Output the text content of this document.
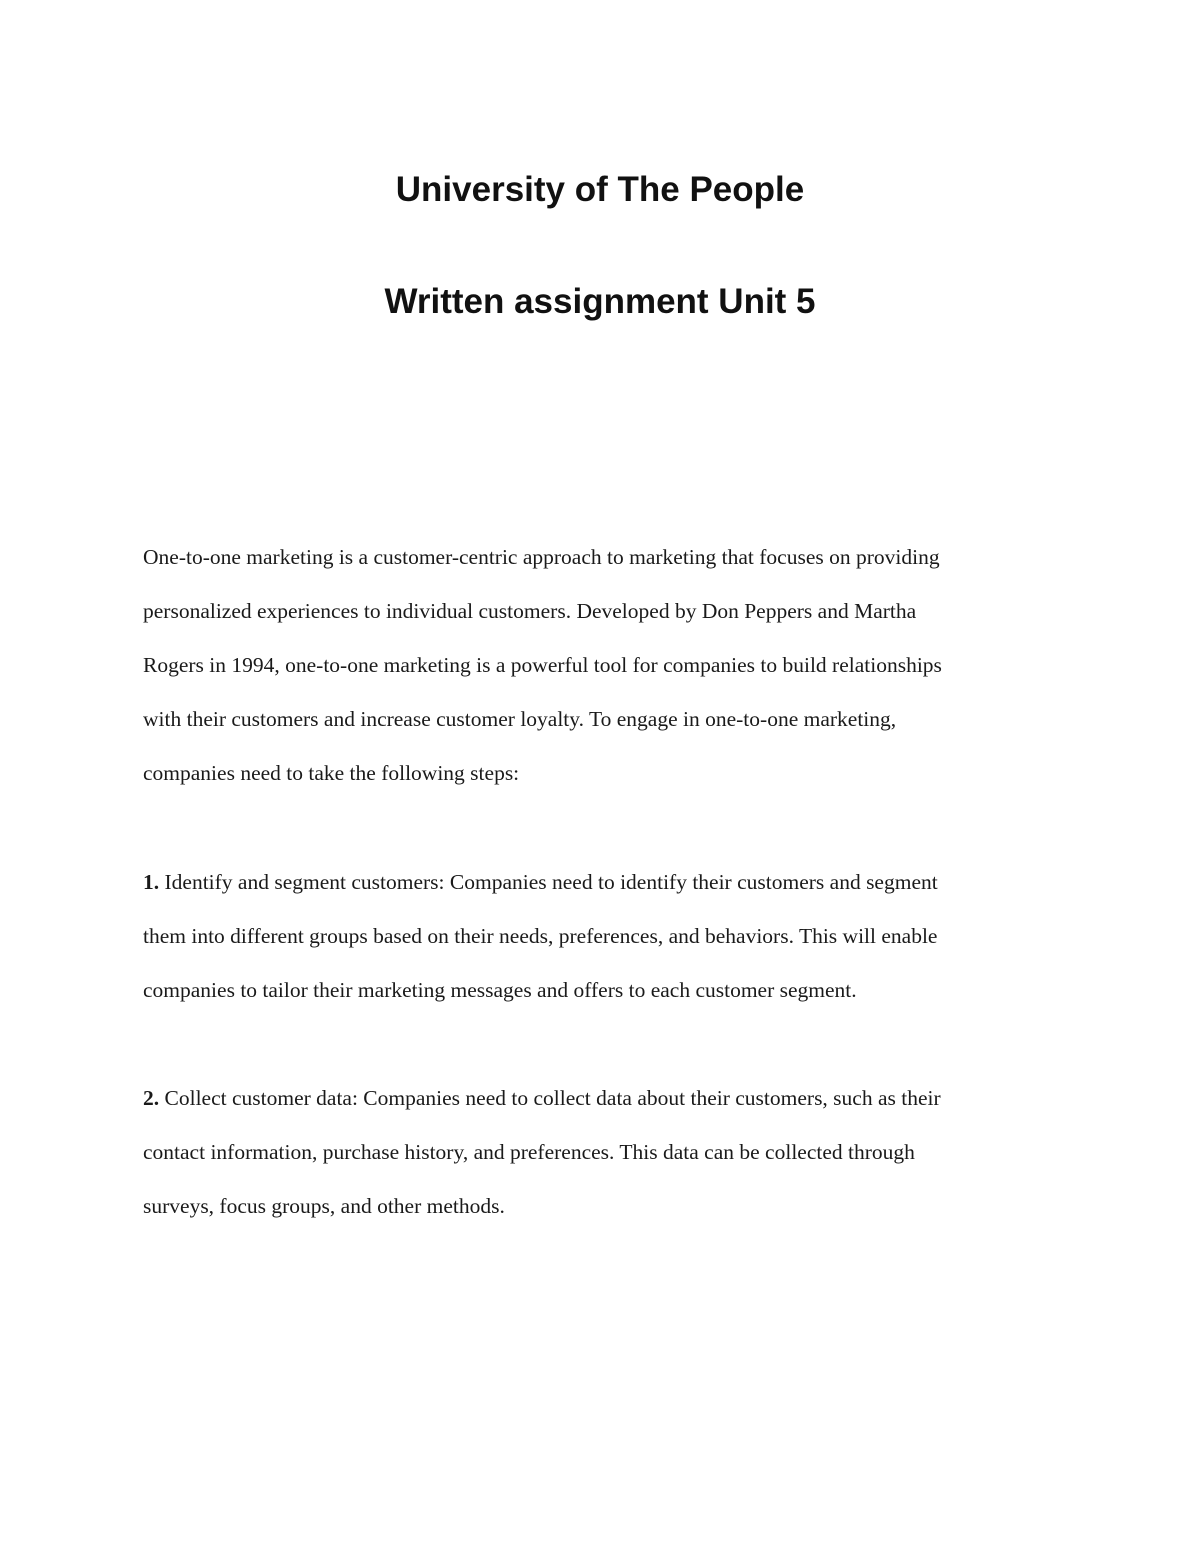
University of The People
Written assignment Unit 5

One-to-one marketing is a customer-centric approach to marketing that focuses on providing
personalized experiences to individual customers. Developed by Don Peppers and Martha
Rogers in 1994, one-to-one marketing is a powerful tool for companies to build relationships
with their customers and increase customer loyalty. To engage in one-to-one marketing,
companies need to take the following steps:

1. Identify and segment customers: Companies need to identify their customers and segment
them into different groups based on their needs, preferences, and behaviors. This will enable
companies to tailor their marketing messages and offers to each customer segment.

2. Collect customer data: Companies need to collect data about their customers, such as their
contact information, purchase history, and preferences. This data can be collected through
surveys, focus groups, and other methods.
